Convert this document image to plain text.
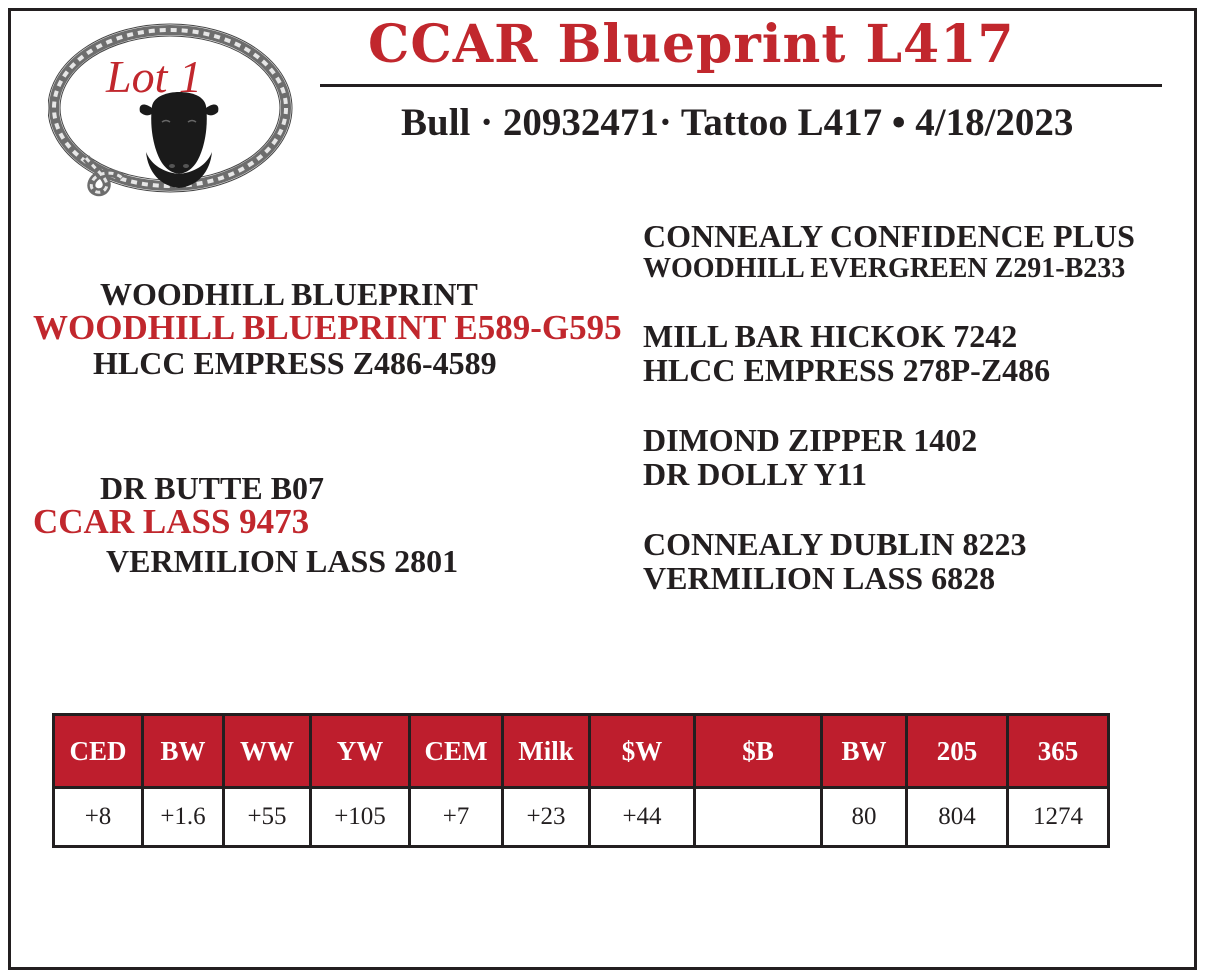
Lot 1
CCAR Blueprint L417
Bull · 20932471· Tattoo L417 • 4/18/2023
WOODHILL BLUEPRINT
WOODHILL BLUEPRINT E589-G595
HLCC EMPRESS Z486-4589
DR BUTTE B07
CCAR LASS 9473
VERMILION LASS 2801
CONNEALY CONFIDENCE PLUS
WOODHILL EVERGREEN Z291-B233
MILL BAR HICKOK 7242
HLCC EMPRESS 278P-Z486
DIMOND ZIPPER 1402
DR DOLLY Y11
CONNEALY DUBLIN 8223
VERMILION LASS 6828
CED	BW	WW	YW	CEM	Milk	$W	$B	BW	205	365
+8	+1.6	+55	+105	+7	+23	+44		80	804	1274
